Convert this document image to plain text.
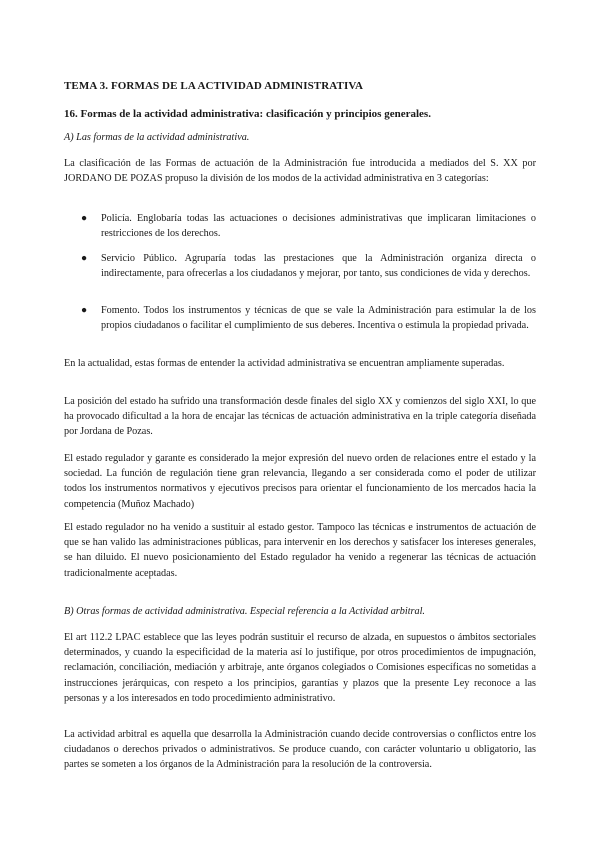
TEMA 3. FORMAS DE LA ACTIVIDAD ADMINISTRATIVA
16. Formas de la actividad administrativa: clasificación y principios generales.
A) Las formas de la actividad administrativa.
La clasificación de las Formas de actuación de la Administración fue introducida a mediados del S. XX por JORDANO DE POZAS propuso la división de los modos de la actividad administrativa en 3 categorías:
●	Policía. Englobaría todas las actuaciones o decisiones administrativas que implicaran limitaciones o restricciones de los derechos.
●	Servicio Público. Agruparía todas las prestaciones que la Administración organiza directa o indirectamente, para ofrecerlas a los ciudadanos y mejorar, por tanto, sus condiciones de vida y derechos.
●	Fomento. Todos los instrumentos y técnicas de que se vale la Administración para estimular la de los propios ciudadanos o facilitar el cumplimiento de sus deberes. Incentiva o estimula la propiedad privada.
En la actualidad, estas formas de entender la actividad administrativa se encuentran ampliamente superadas.
La posición del estado ha sufrido una transformación desde finales del siglo XX y comienzos del siglo XXI, lo que ha provocado dificultad a la hora de encajar las técnicas de actuación administrativa en la triple categoría diseñada por Jordana de Pozas.
El estado regulador y garante es considerado la mejor expresión del nuevo orden de relaciones entre el estado y la sociedad. La función de regulación tiene gran relevancia, llegando a ser considerada como el poder de utilizar todos los instrumentos normativos y ejecutivos precisos para orientar el funcionamiento de los mercados hacia la competencia (Muñoz Machado)
El estado regulador no ha venido a sustituir al estado gestor. Tampoco las técnicas e instrumentos de actuación de que se han valido las administraciones públicas, para intervenir en los derechos y satisfacer los intereses generales, se han diluido. El nuevo posicionamiento del Estado regulador ha venido a regenerar las técnicas de actuación tradicionalmente aceptadas.
B) Otras formas de actividad administrativa. Especial referencia a la Actividad arbitral.
El art 112.2 LPAC establece que las leyes podrán sustituir el recurso de alzada, en supuestos o ámbitos sectoriales determinados, y cuando la especificidad de la materia así lo justifique, por otros procedimientos de impugnación, reclamación, conciliación, mediación y arbitraje, ante órganos colegiados o Comisiones específicas no sometidas a instrucciones jerárquicas, con respeto a los principios, garantías y plazos que la presente Ley reconoce a las personas y a los interesados en todo procedimiento administrativo.
La actividad arbitral es aquella que desarrolla la Administración cuando decide controversias o conflictos entre los ciudadanos o derechos privados o administrativos. Se produce cuando, con carácter voluntario u obligatorio, las partes se someten a los órganos de la Administración para la resolución de la controversia.
